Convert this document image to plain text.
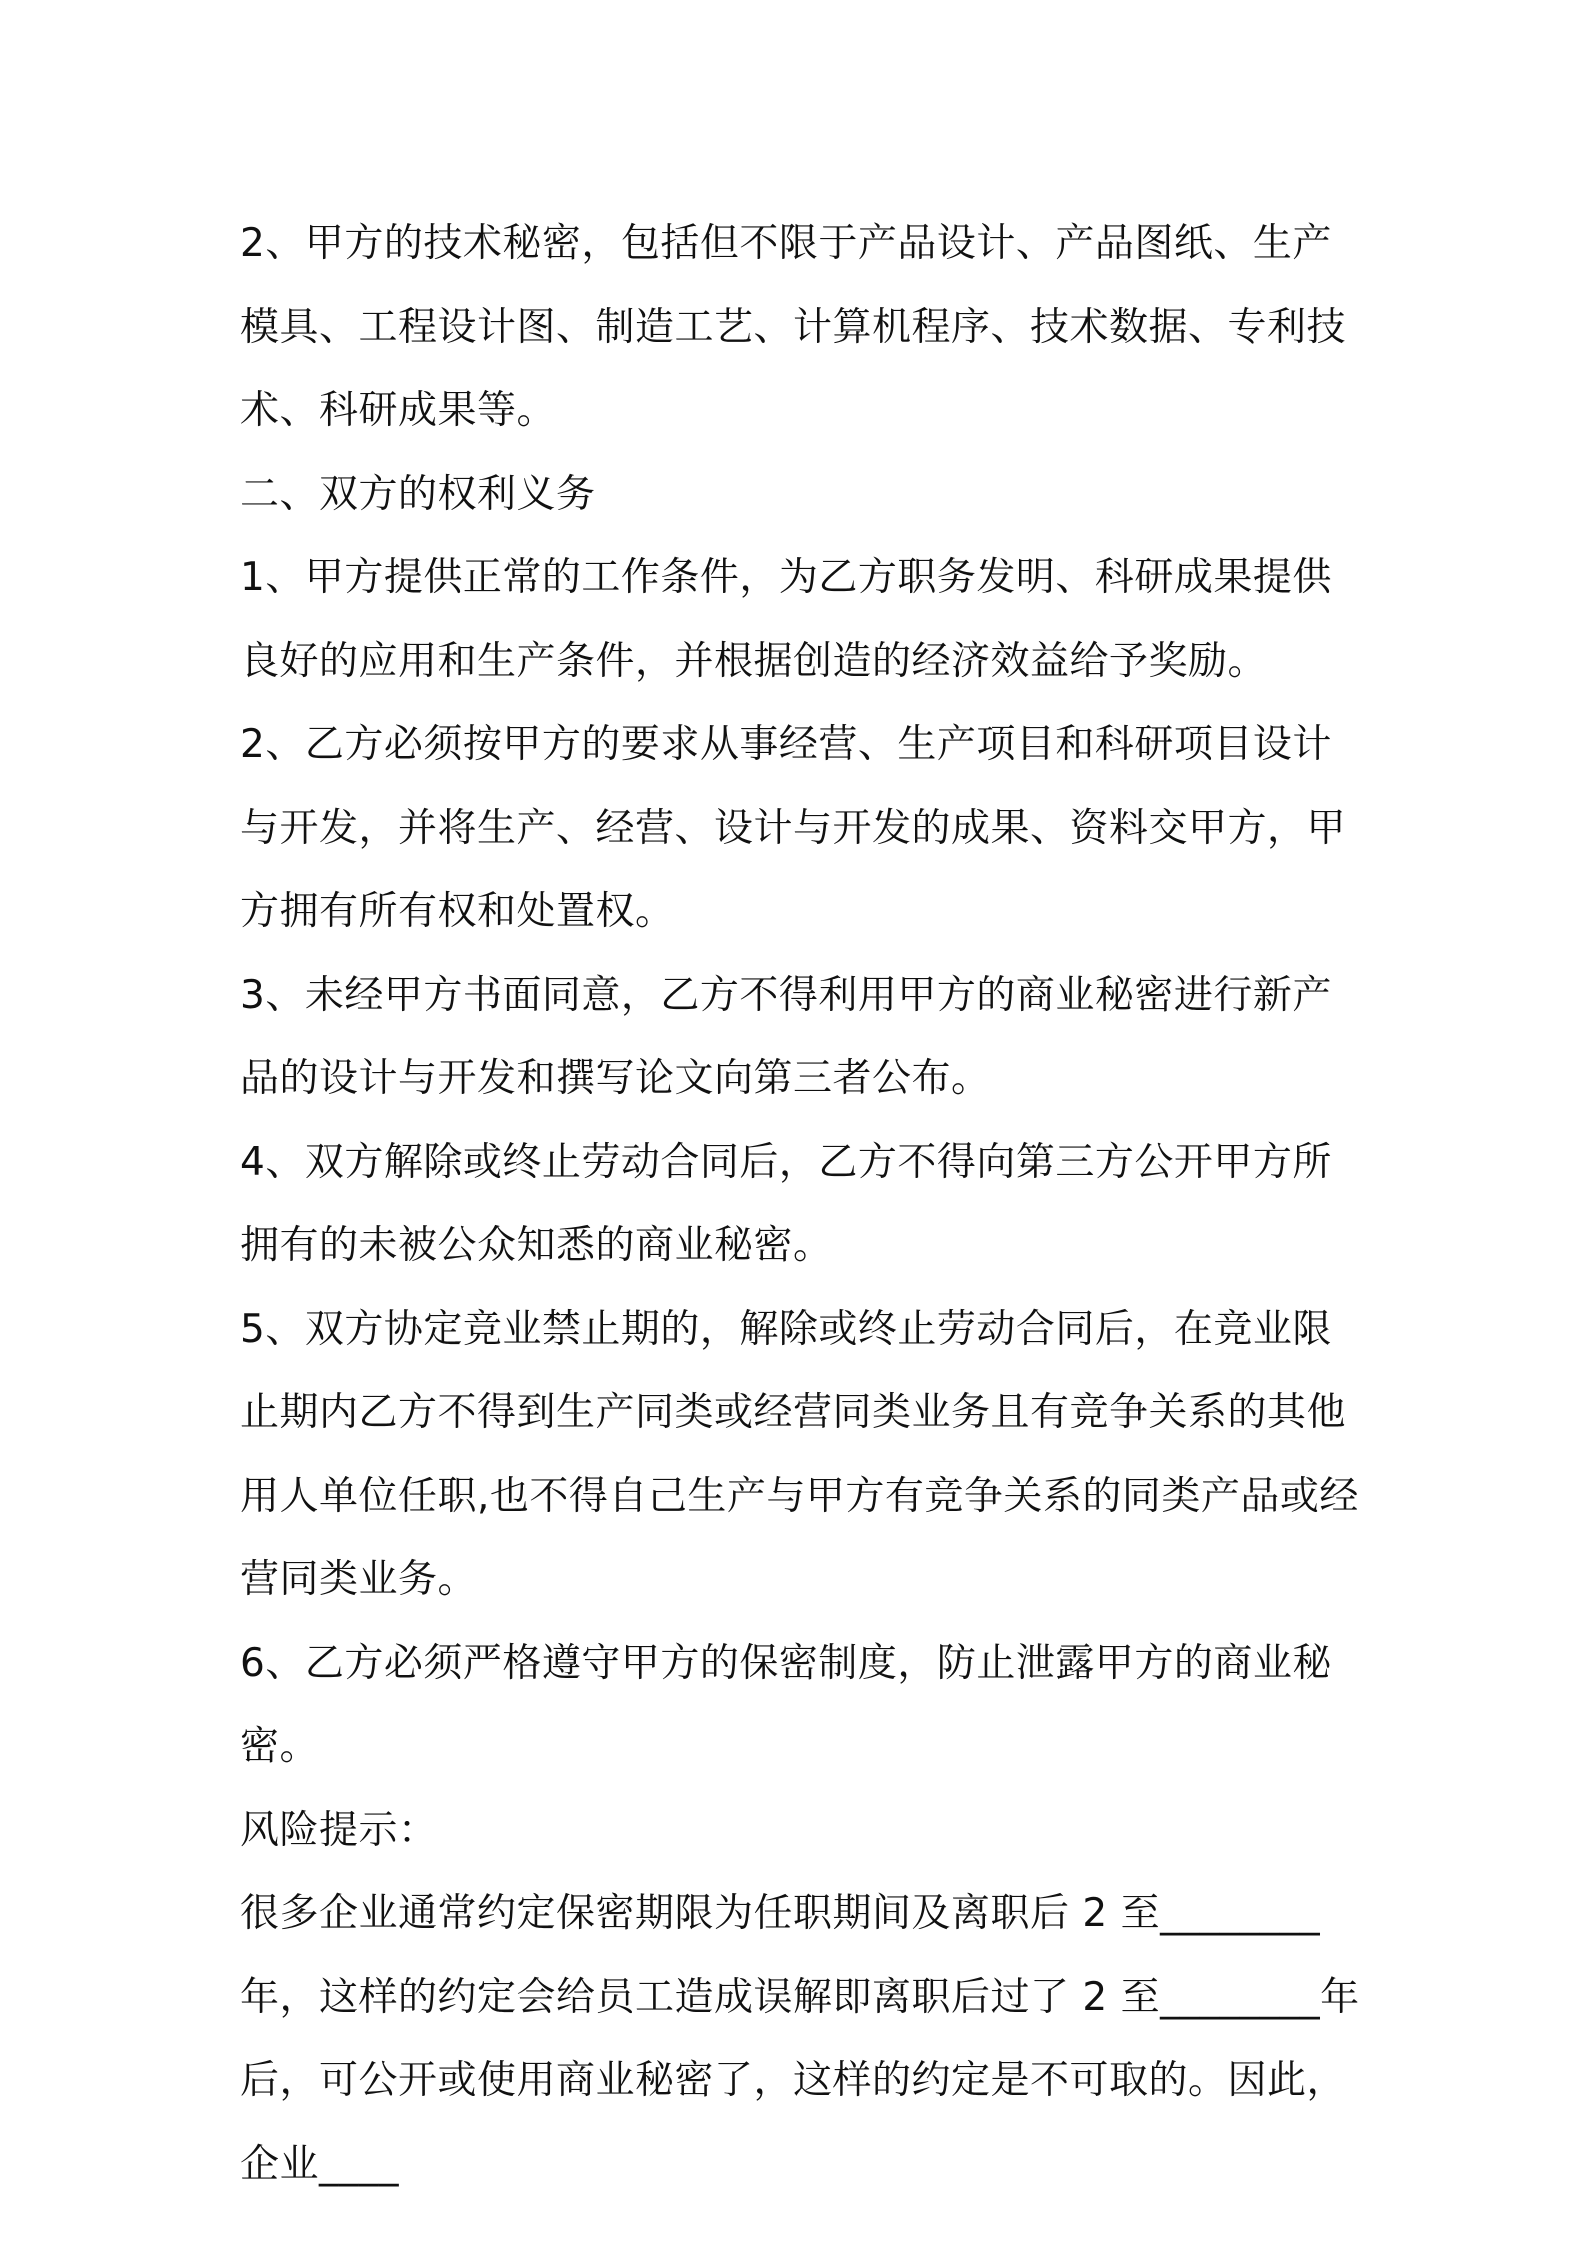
2、甲方的技术秘密，包括但不限于产品设计、产品图纸、生产模具、工程设计图、制造工艺、计算机程序、技术数据、专利技术、科研成果等。

二、双方的权利义务

1、甲方提供正常的工作条件，为乙方职务发明、科研成果提供良好的应用和生产条件，并根据创造的经济效益给予奖励。

2、乙方必须按甲方的要求从事经营、生产项目和科研项目设计与开发，并将生产、经营、设计与开发的成果、资料交甲方，甲方拥有所有权和处置权。

3、未经甲方书面同意，乙方不得利用甲方的商业秘密进行新产品的设计与开发和撰写论文向第三者公布。

4、双方解除或终止劳动合同后，乙方不得向第三方公开甲方所拥有的未被公众知悉的商业秘密。

5、双方协定竞业禁止期的，解除或终止劳动合同后，在竞业限止期内乙方不得到生产同类或经营同类业务且有竞争关系的其他用人单位任职,也不得自己生产与甲方有竞争关系的同类产品或经营同类业务。

6、乙方必须严格遵守甲方的保密制度，防止泄露甲方的商业秘密。

风险提示：

很多企业通常约定保密期限为任职期间及离职后 2 至________年，这样的约定会给员工造成误解即离职后过了 2 至________年后，可公开或使用商业秘密了，这样的约定是不可取的。因此，企业____
